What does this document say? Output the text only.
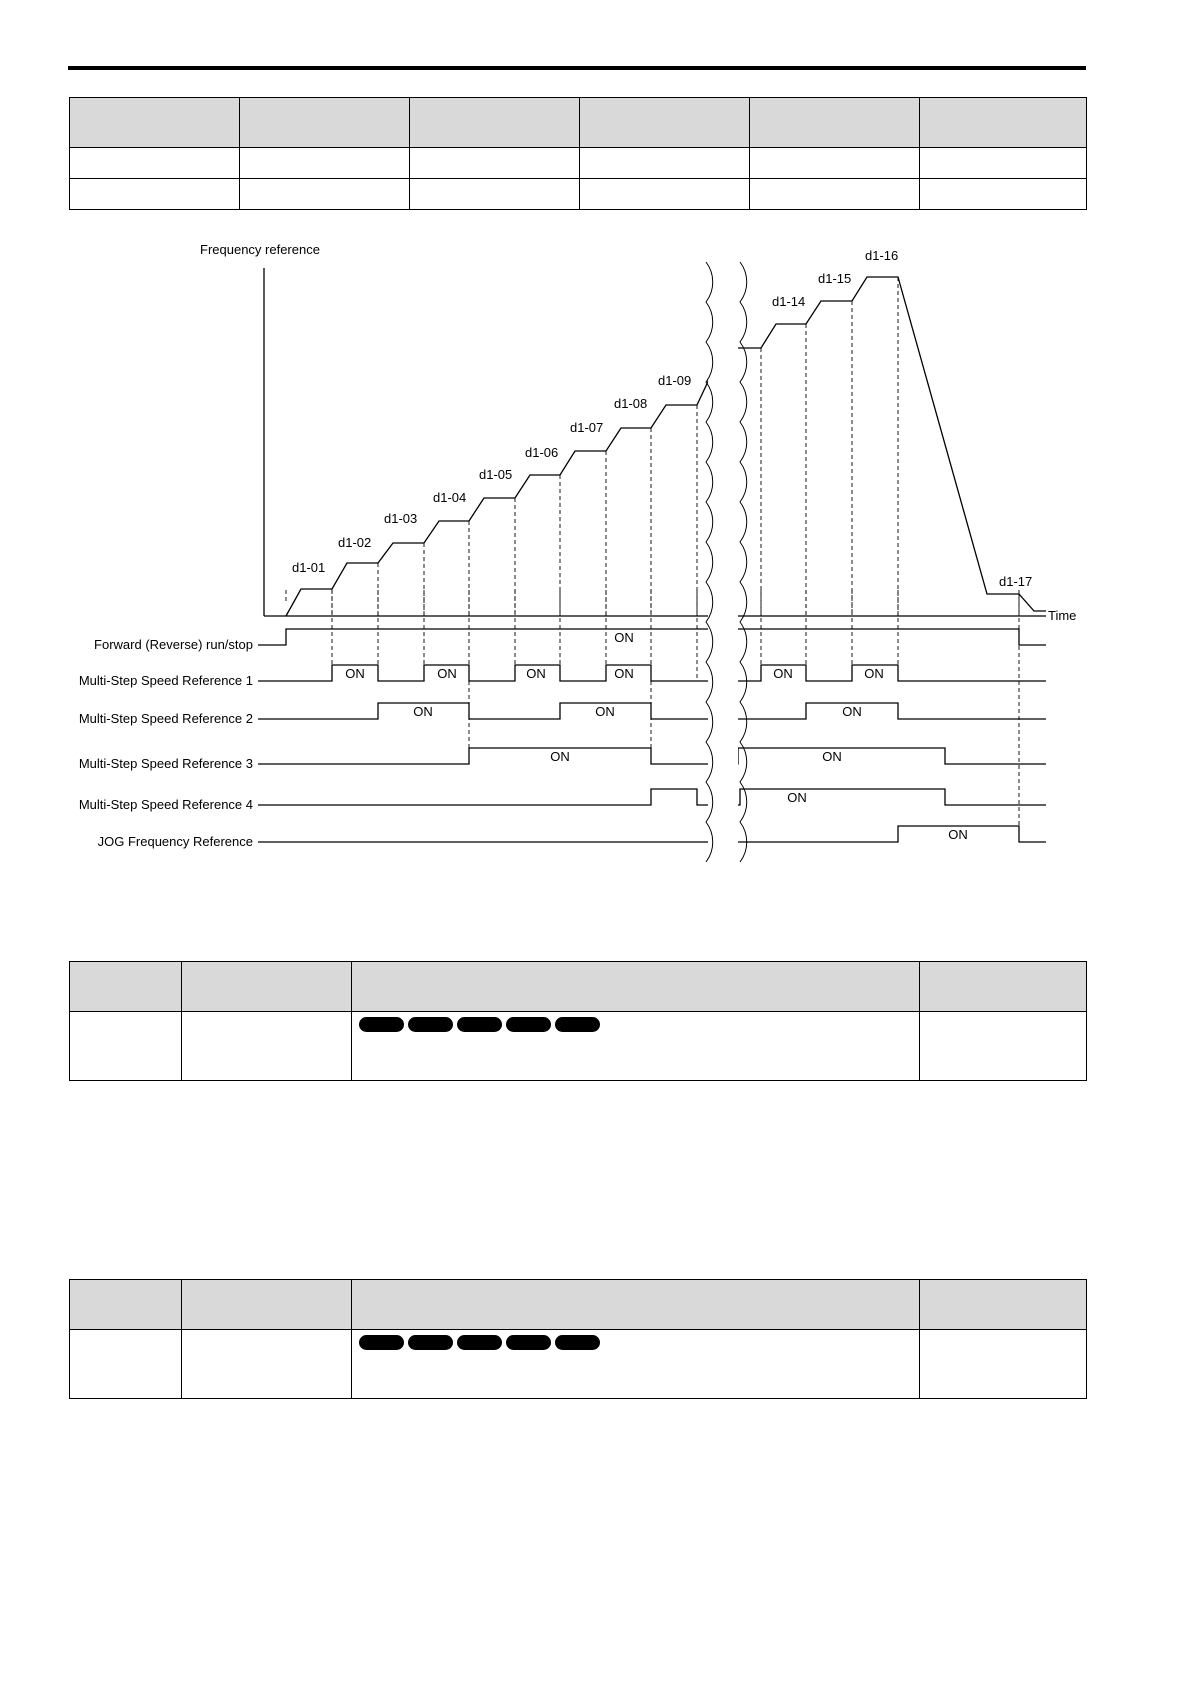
Frequency reference
Time
d1-01
d1-02
d1-03
d1-04
d1-05
d1-06
d1-07
d1-08
d1-09
d1-14
d1-15
d1-16
d1-17
Forward (Reverse) run/stop
Multi-Step Speed Reference 1
Multi-Step Speed Reference 2
Multi-Step Speed Reference 3
Multi-Step Speed Reference 4
JOG Frequency Reference
ON
ON	ON	ON	ON	ON	ON
ON	ON	ON
ON	ON
ON
ON
